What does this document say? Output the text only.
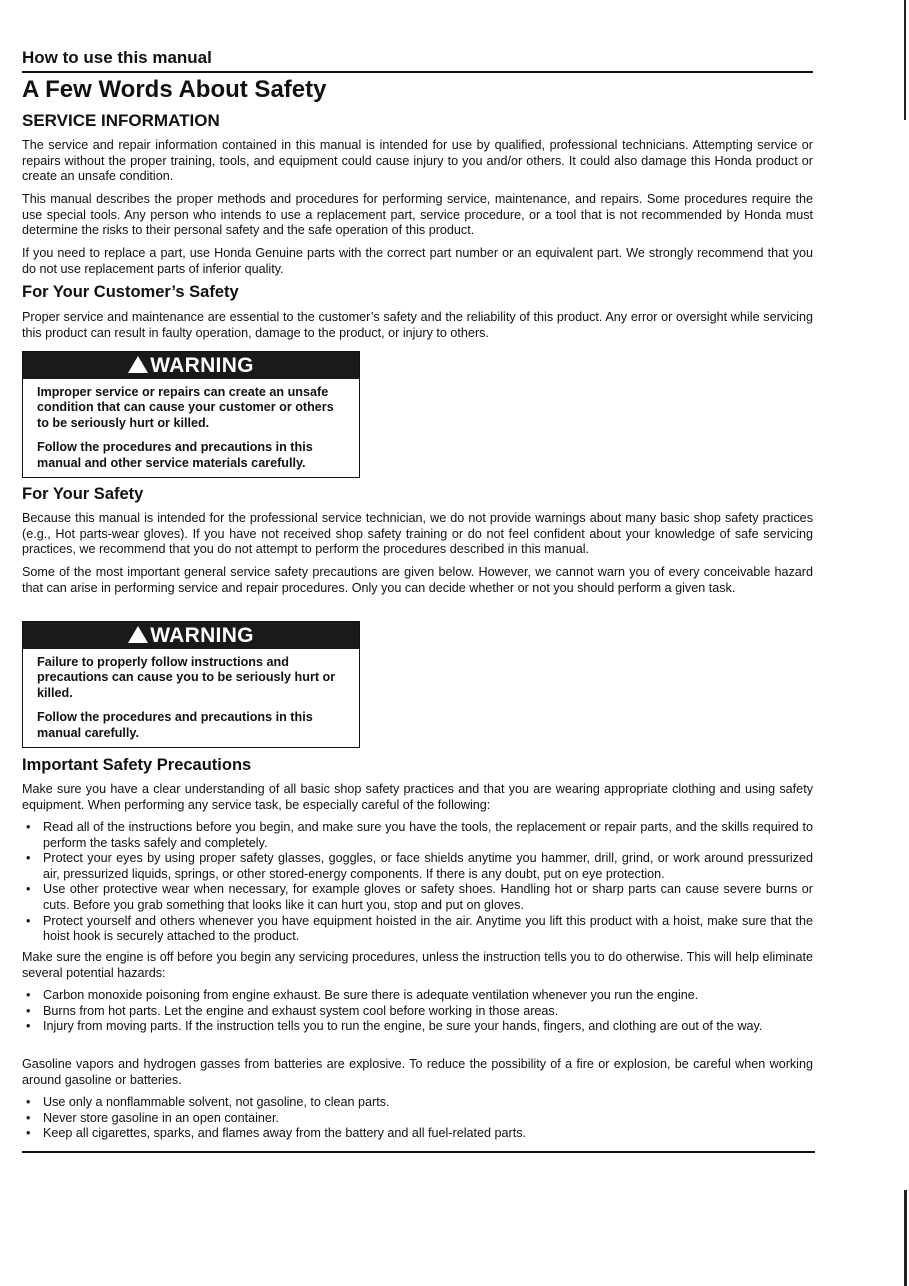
How to use this manual
A Few Words About Safety
SERVICE INFORMATION

The service and repair information contained in this manual is intended for use by qualified, professional technicians. Attempting service or repairs without the proper training, tools, and equipment could cause injury to you and/or others. It could also damage this Honda product or create an unsafe condition.

This manual describes the proper methods and procedures for performing service, maintenance, and repairs. Some procedures require the use special tools. Any person who intends to use a replacement part, service procedure, or a tool that is not recommended by Honda must determine the risks to their personal safety and the safe operation of this product.

If you need to replace a part, use Honda Genuine parts with the correct part number or an equivalent part. We strongly recommend that you do not use replacement parts of inferior quality.

For Your Customer’s Safety

Proper service and maintenance are essential to the customer’s safety and the reliability of this product. Any error or oversight while servicing this product can result in faulty operation, damage to the product, or injury to others.

WARNING

Improper service or repairs can create an unsafe condition that can cause your customer or others to be seriously hurt or killed.

Follow the procedures and precautions in this manual and other service materials carefully.

For Your Safety

Because this manual is intended for the professional service technician, we do not provide warnings about many basic shop safety practices (e.g., Hot parts-wear gloves). If you have not received shop safety training or do not feel confident about your knowledge of safe servicing practices, we recommend that you do not attempt to perform the procedures described in this manual.

Some of the most important general service safety precautions are given below. However, we cannot warn you of every conceivable hazard that can arise in performing service and repair procedures. Only you can decide whether or not you should perform a given task.

WARNING

Failure to properly follow instructions and precautions can cause you to be seriously hurt or killed.

Follow the procedures and precautions in this manual carefully.

Important Safety Precautions

Make sure you have a clear understanding of all basic shop safety practices and that you are wearing appropriate clothing and using safety equipment. When performing any service task, be especially careful of the following:

• Read all of the instructions before you begin, and make sure you have the tools, the replacement or repair parts, and the skills required to perform the tasks safely and completely.
• Protect your eyes by using proper safety glasses, goggles, or face shields anytime you hammer, drill, grind, or work around pressurized air, pressurized liquids, springs, or other stored-energy components. If there is any doubt, put on eye protection.
• Use other protective wear when necessary, for example gloves or safety shoes. Handling hot or sharp parts can cause severe burns or cuts. Before you grab something that looks like it can hurt you, stop and put on gloves.
• Protect yourself and others whenever you have equipment hoisted in the air. Anytime you lift this product with a hoist, make sure that the hoist hook is securely attached to the product.

Make sure the engine is off before you begin any servicing procedures, unless the instruction tells you to do otherwise. This will help eliminate several potential hazards:

• Carbon monoxide poisoning from engine exhaust. Be sure there is adequate ventilation whenever you run the engine.
• Burns from hot parts. Let the engine and exhaust system cool before working in those areas.
• Injury from moving parts. If the instruction tells you to run the engine, be sure your hands, fingers, and clothing are out of the way.

Gasoline vapors and hydrogen gasses from batteries are explosive. To reduce the possibility of a fire or explosion, be careful when working around gasoline or batteries.

• Use only a nonflammable solvent, not gasoline, to clean parts.
• Never store gasoline in an open container.
• Keep all cigarettes, sparks, and flames away from the battery and all fuel-related parts.
